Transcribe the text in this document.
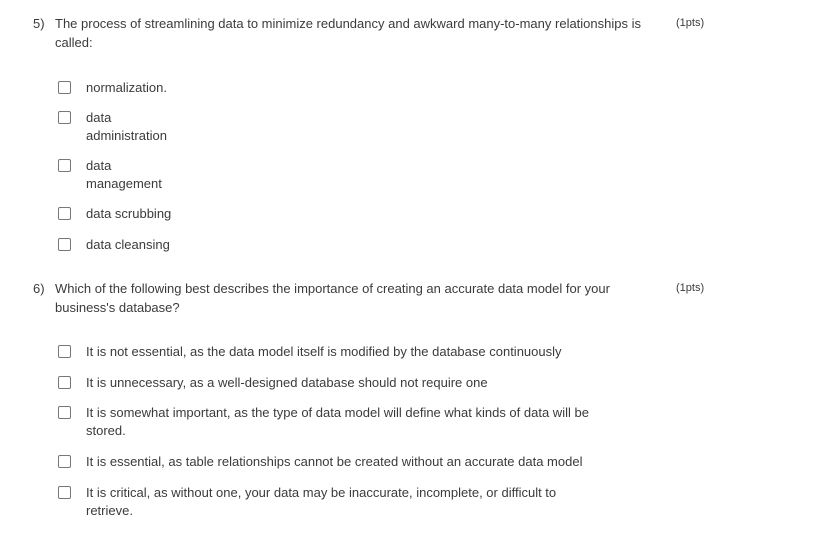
5) The process of streamlining data to minimize redundancy and awkward many-to-many relationships is called:
(1pts)
normalization.
data administration
data management
data scrubbing
data cleansing
6) Which of the following best describes the importance of creating an accurate data model for your business's database?
(1pts)
It is not essential, as the data model itself is modified by the database continuously
It is unnecessary, as a well-designed database should not require one
It is somewhat important, as the type of data model will define what kinds of data will be stored.
It is essential, as table relationships cannot be created without an accurate data model
It is critical, as without one, your data may be inaccurate, incomplete, or difficult to retrieve.
